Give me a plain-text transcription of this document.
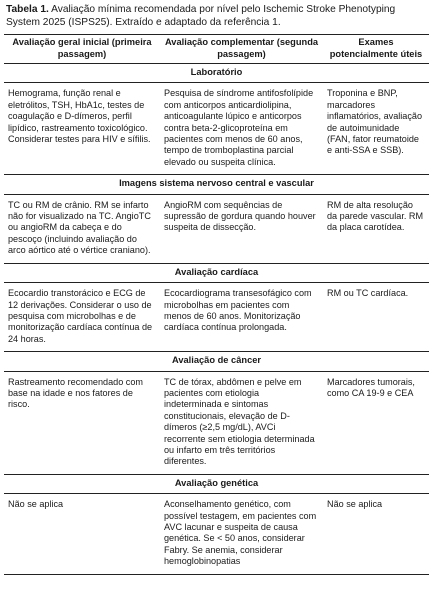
Tabela 1. Avaliação mínima recomendada por nível pelo Ischemic Stroke Phenotyping System 2025 (ISPS25). Extraído e adaptado da referência 1.
Avaliação geral inicial (primeira passagem)	Avaliação complementar (segunda passagem)	Exames potencialmente úteis
Laboratório		
Hemograma, função renal e eletrólitos, TSH, HbA1c, testes de coagulação e D-dímeros, perfil lipídico, rastreamento toxicológico. Considerar testes para HIV e sífilis.	Pesquisa de síndrome antifosfolípide com anticorpos anticardiolipina, anticoagulante lúpico e anticorpos contra beta-2-glicoproteína em pacientes com menos de 60 anos, tempo de tromboplastina parcial elevado ou suspeita clínica.	Troponina e BNP, marcadores inflamatórios, avaliação de autoimunidade (FAN, fator reumatoide e anti-SSA e SSB).
Imagens sistema nervoso central e vascular		
TC ou RM de crânio. RM se infarto não for visualizado na TC. AngioTC ou angioRM da cabeça e do pescoço (incluindo avaliação do arco aórtico até o vértice craniano).	AngioRM com sequências de supressão de gordura quando houver suspeita de dissecção.	RM de alta resolução da parede vascular. RM da placa carotídea.
Avaliação cardíaca		
Ecocardio transtorácico e ECG de 12 derivações. Considerar o uso de pesquisa com microbolhas e de monitorização cardíaca contínua de 24 horas.	Ecocardiograma transesofágico com microbolhas em pacientes com menos de 60 anos. Monitorização cardíaca contínua prolongada.	RM ou TC cardíaca.
Avaliação de câncer		
Rastreamento recomendado com base na idade e nos fatores de risco.	TC de tórax, abdômen e pelve em pacientes com etiologia indeterminada e sintomas constitucionais, elevação de D-dímeros (≥2,5 mg/dL), AVCi recorrente sem etiologia determinada ou infarto em três territórios diferentes.	Marcadores tumorais, como CA 19-9 e CEA
Avaliação genética		
Não se aplica	Aconselhamento genético, com possível testagem, em pacientes com AVC lacunar e suspeita de causa genética. Se < 50 anos, considerar Fabry. Se anemia, considerar hemoglobinopatias	Não se aplica
